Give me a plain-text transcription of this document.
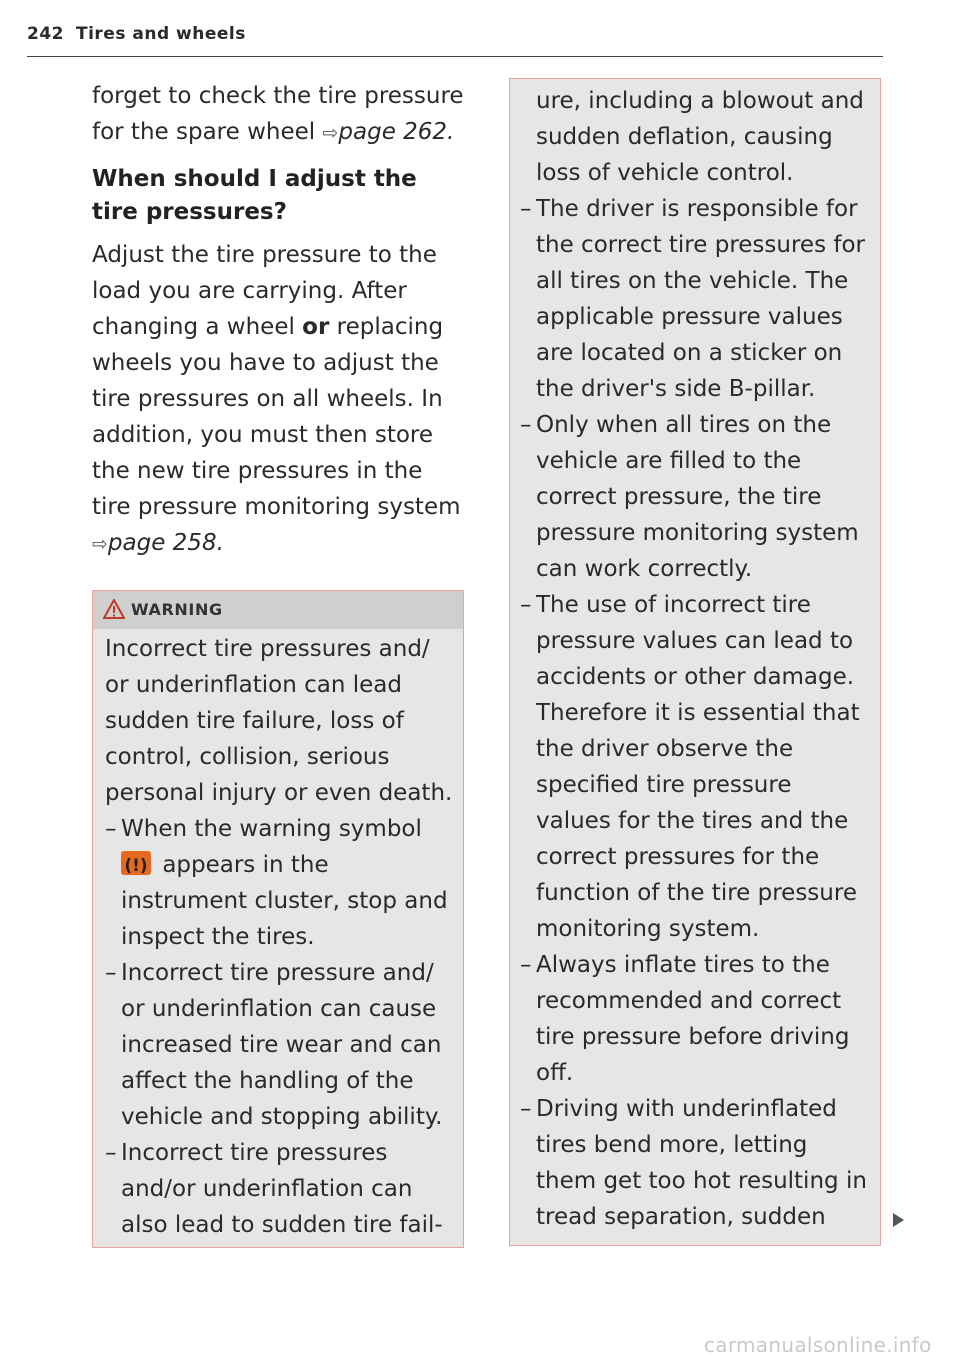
242 Tires and wheels

forget to check the tire pressure for the spare wheel ⇨page 262.

When should I adjust the tire pressures?

Adjust the tire pressure to the load you are carrying. After changing a wheel or replacing wheels you have to adjust the tire pressures on all wheels. In addition, you must then store the new tire pressures in the tire pressure monitoring system ⇨page 258.

WARNING

Incorrect tire pressures and/ or underinflation can lead sudden tire failure, loss of control, collision, serious personal injury or even death.

– When the warning symbol

(!) appears in the instrument cluster, stop and inspect the tires.
– Incorrect tire pressure and/ or underinflation can cause increased tire wear and can affect the handling of the vehicle and stopping ability.
– Incorrect tire pressures and/or underinflation can also lead to sudden tire fail-

ure, including a blowout and sudden deflation, causing loss of vehicle control.

– The driver is responsible for the correct tire pressures for all tires on the vehicle. The applicable pressure values are located on a sticker on the driver's side B-pillar.
– Only when all tires on the vehicle are filled to the correct pressure, the tire pressure monitoring system can work correctly.
– The use of incorrect tire pressure values can lead to accidents or other damage. Therefore it is essential that the driver observe the specified tire pressure values for the tires and the correct pressures for the function of the tire pressure monitoring system.
– Always inflate tires to the recommended and correct tire pressure before driving off.
– Driving with underinflated tires bend more, letting them get too hot resulting in tread separation, sudden
carmanualsonline.info
